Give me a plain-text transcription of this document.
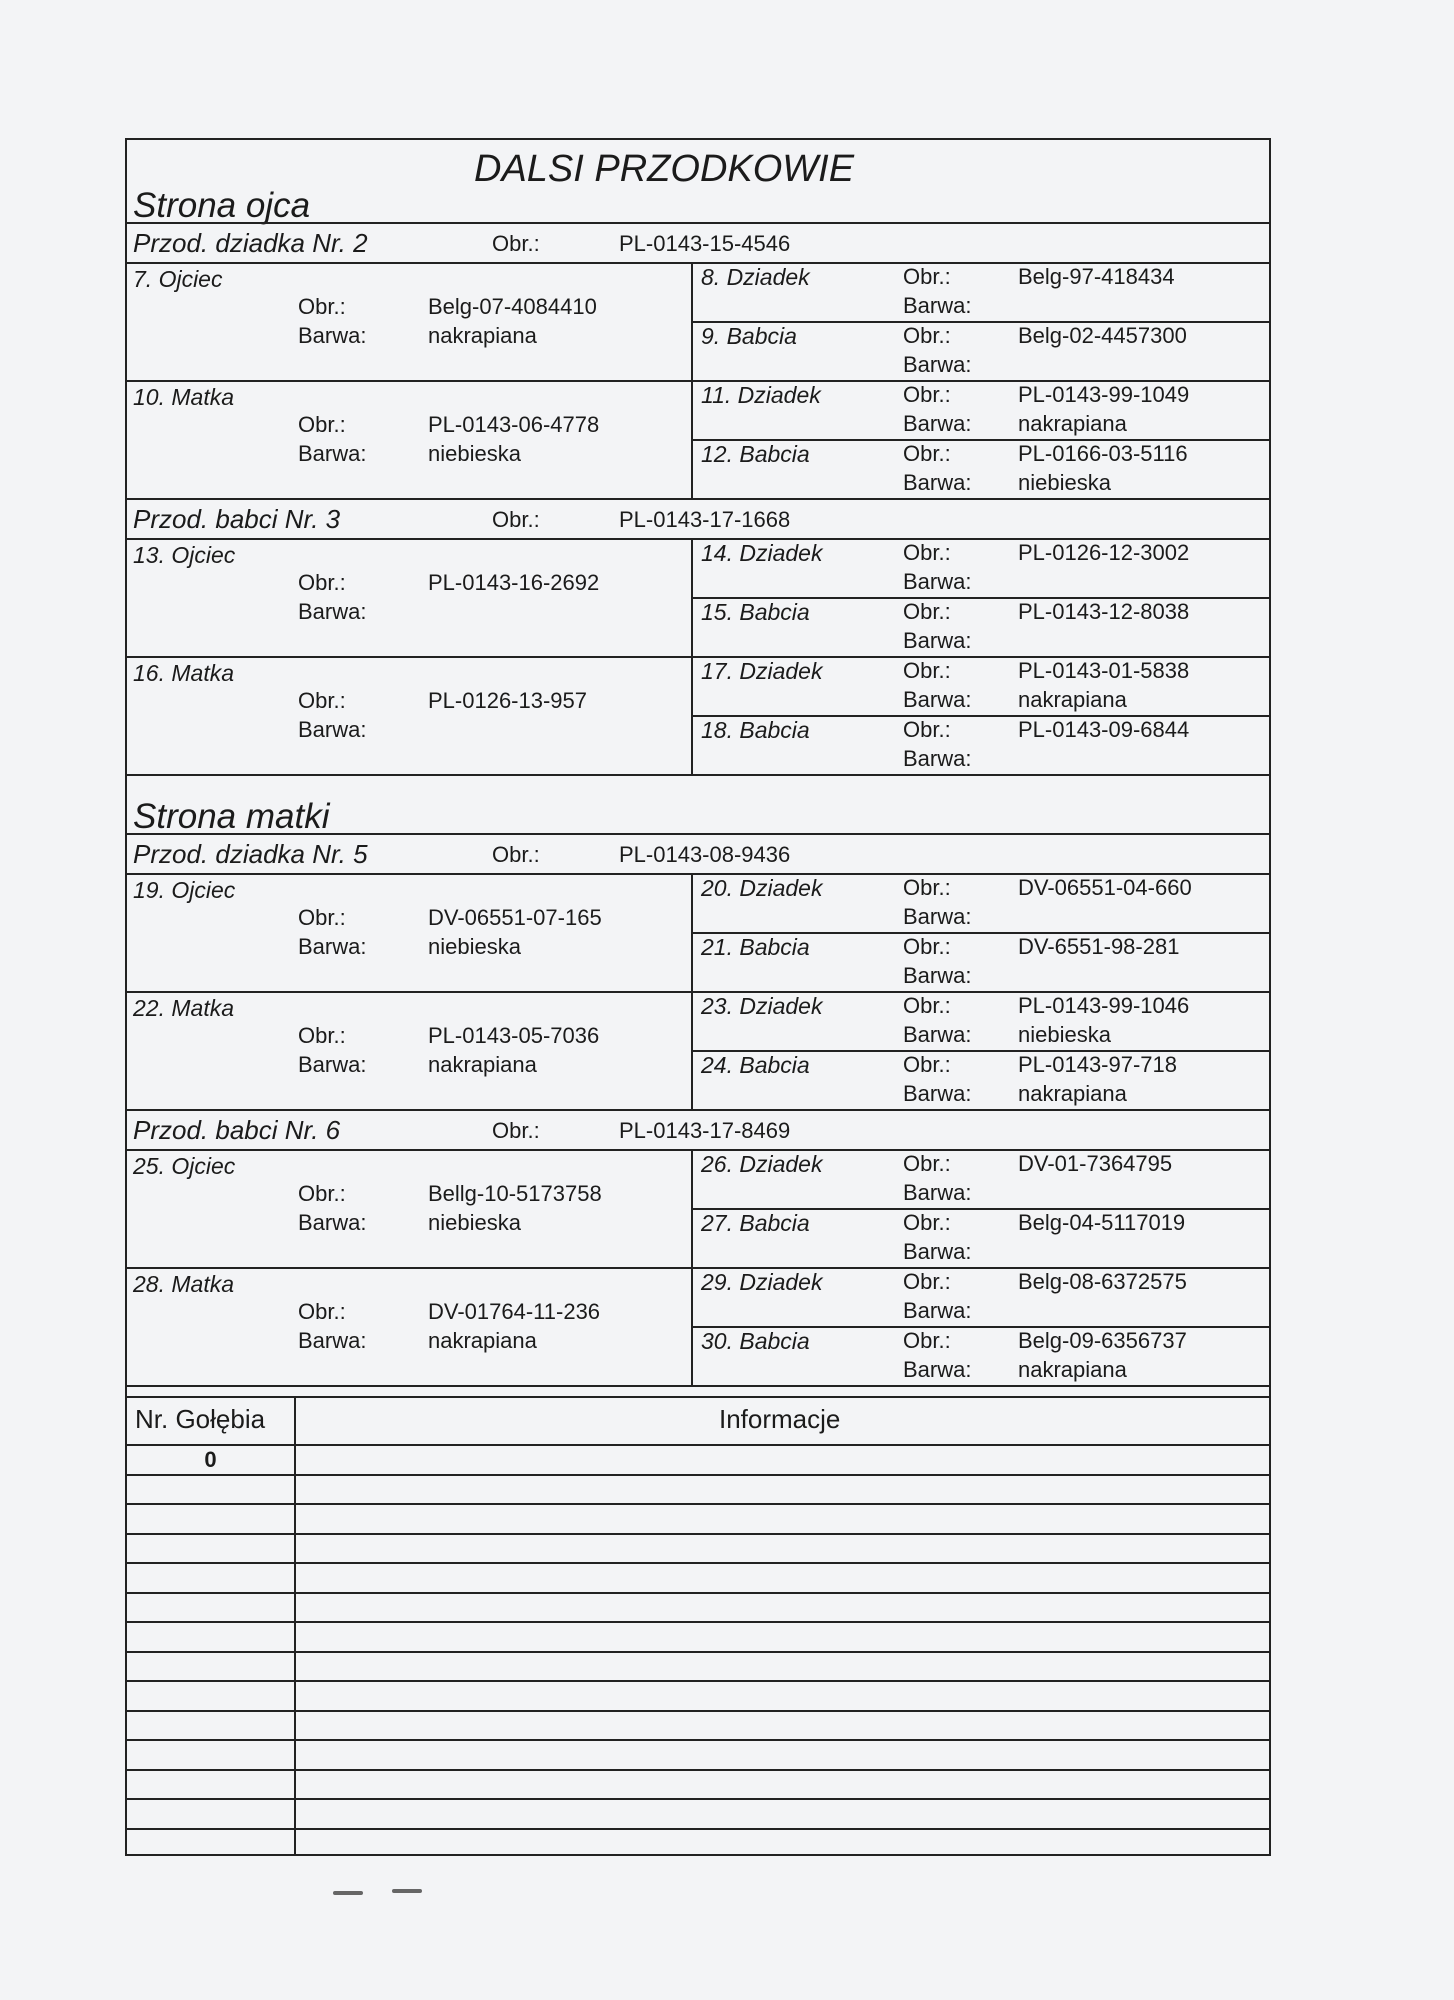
DALSI PRZODKOWIE
Strona ojca
Przod. dziadka Nr. 2	Obr.:	PL-0143-15-4546
7. Ojciec
Obr.:	Belg-07-4084410
Barwa:	nakrapiana
8. Dziadek	Obr.:	Belg-97-418434
Barwa:
9. Babcia	Obr.:	Belg-02-4457300
Barwa:
10. Matka
Obr.:	PL-0143-06-4778
Barwa:	niebieska
11. Dziadek	Obr.:	PL-0143-99-1049
Barwa: nakrapiana
12. Babcia	Obr.:	PL-0166-03-5116
Barwa: niebieska
Przod. babci Nr. 3	Obr.:	PL-0143-17-1668
13. Ojciec
Obr.:	PL-0143-16-2692
Barwa:
14. Dziadek	Obr.:	PL-0126-12-3002
Barwa:
15. Babcia	Obr.:	PL-0143-12-8038
Barwa:
16. Matka
Obr.:	PL-0126-13-957
Barwa:
17. Dziadek	Obr.:	PL-0143-01-5838
Barwa: nakrapiana
18. Babcia	Obr.:	PL-0143-09-6844
Barwa:
Strona matki
Przod. dziadka Nr. 5	Obr.:	PL-0143-08-9436
19. Ojciec
Obr.:	DV-06551-07-165
Barwa:	niebieska
20. Dziadek	Obr.:	DV-06551-04-660
Barwa:
21. Babcia	Obr.:	DV-6551-98-281
Barwa:
22. Matka
Obr.:	PL-0143-05-7036
Barwa:	nakrapiana
23. Dziadek	Obr.:	PL-0143-99-1046
Barwa: niebieska
24. Babcia	Obr.:	PL-0143-97-718
Barwa: nakrapiana
Przod. babci Nr. 6	Obr.:	PL-0143-17-8469
25. Ojciec
Obr.:	Bellg-10-5173758
Barwa:	niebieska
26. Dziadek	Obr.:	DV-01-7364795
Barwa:
27. Babcia	Obr.:	Belg-04-5117019
Barwa:
28. Matka
Obr.:	DV-01764-11-236
Barwa:	nakrapiana
29. Dziadek	Obr.:	Belg-08-6372575
Barwa:
30. Babcia	Obr.:	Belg-09-6356737
Barwa: nakrapiana
Nr. Gołębia	Informacje
0
